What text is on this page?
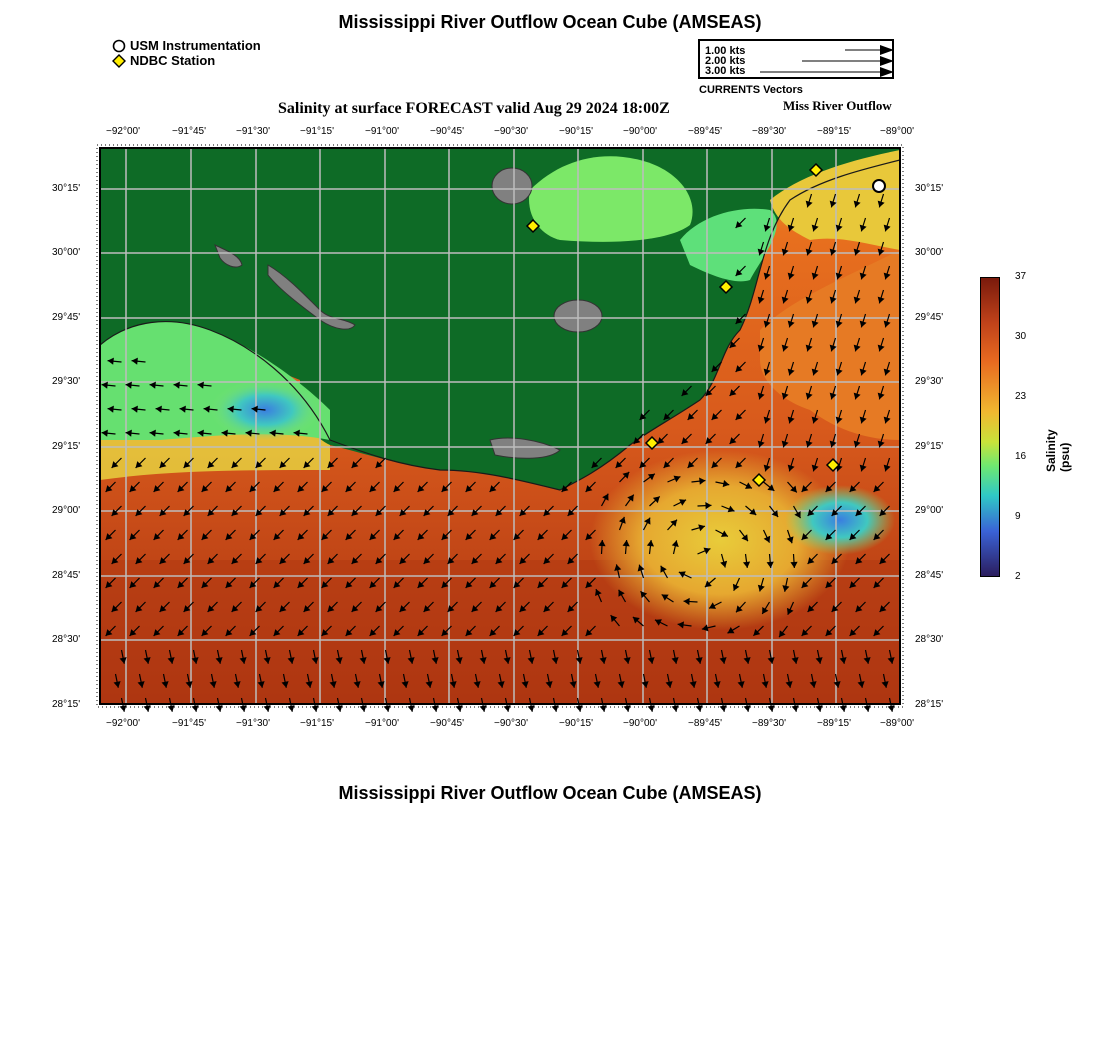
Mississippi River Outflow Ocean Cube (AMSEAS)
USM Instrumentation
NDBC Station
1.00 kts
2.00 kts
3.00 kts
CURRENTS Vectors
Salinity at surface FORECAST valid Aug 29 2024 18:00Z	Miss River Outflow
−92°00'	−91°45'	−91°30'	−91°15'	−91°00'	−90°45'	−90°30'	−90°15'	−90°00'	−89°45'	−89°30'	−89°15'	−89°00'
−92°00'	−91°45'	−91°30'	−91°15'	−91°00'	−90°45'	−90°30'	−90°15'	−90°00'	−89°45'	−89°30'	−89°15'	−89°00'
30°15'
30°00'
29°45'
29°30'
29°15'
29°00'
28°45'
28°30'
28°15'
30°15'
30°00'
29°45'
29°30'
29°15'
29°00'
28°45'
28°30'
28°15'
37
30
23
16
9
2
Salinity (psu)
Mississippi River Outflow Ocean Cube (AMSEAS)
